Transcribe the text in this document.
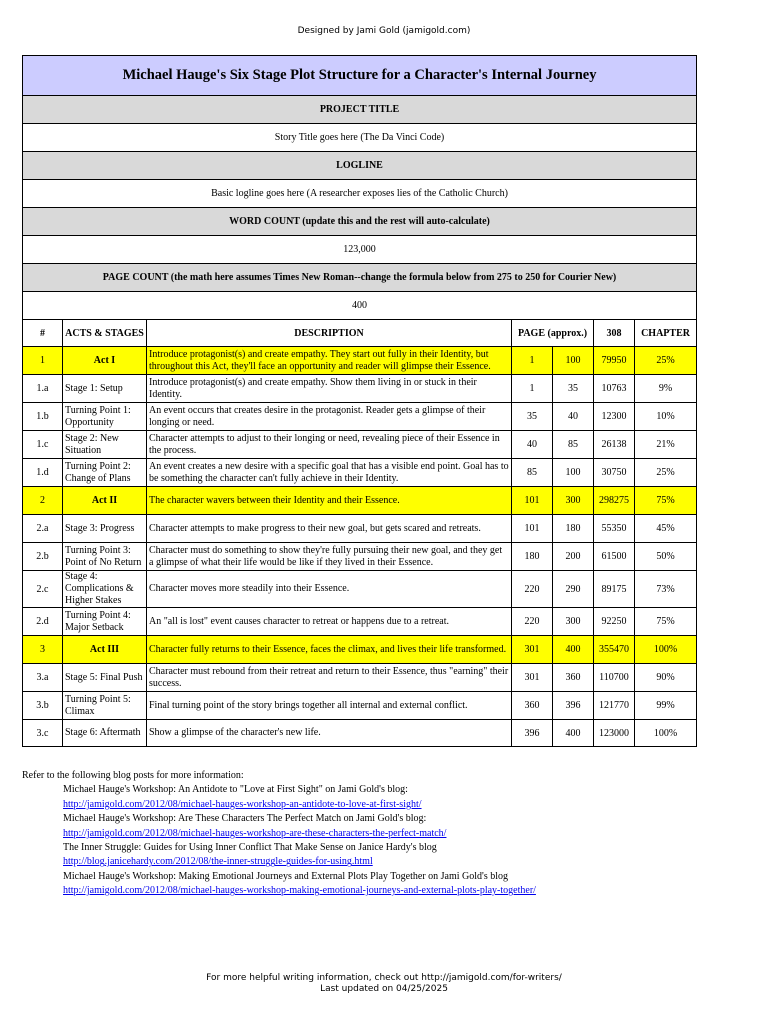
Designed by Jami Gold (jamigold.com)
Michael Hauge's Six Stage Plot Structure for a Character's Internal Journey						
PROJECT TITLE						
Story Title goes here (The Da Vinci Code)						
LOGLINE						
Basic logline goes here (A researcher exposes lies of the Catholic Church)						
WORD COUNT (update this and the rest will auto-calculate)						
123,000						
PAGE COUNT (the math here assumes Times New Roman--change the formula below from 275 to 250 for Courier New)						
400						
#	ACTS & STAGES	DESCRIPTION	PAGE (approx.)		308	CHAPTER
1	Act I	Introduce protagonist(s) and create empathy. They start out fully in their Identity, but throughout this Act, they'll face an opportunity and reader will glimpse their Essence.	1	100	79950	25%
1.a	Stage 1: Setup	Introduce protagonist(s) and create empathy. Show them living in or stuck in their Identity.	1	35	10763	9%
1.b	Turning Point 1: Opportunity	An event occurs that creates desire in the protagonist. Reader gets a glimpse of their longing or need.	35	40	12300	10%
1.c	Stage 2: New Situation	Character attempts to adjust to their longing or need, revealing piece of their Essence in the process.	40	85	26138	21%
1.d	Turning Point 2: Change of Plans	An event creates a new desire with a specific goal that has a visible end point. Goal has to be something the character can't fully achieve in their Identity.	85	100	30750	25%
2	Act II	The character wavers between their Identity and their Essence.	101	300	298275	75%
2.a	Stage 3: Progress	Character attempts to make progress to their new goal, but gets scared and retreats.	101	180	55350	45%
2.b	Turning Point 3: Point of No Return	Character must do something to show they're fully pursuing their new goal, and they get a glimpse of what their life would be like if they lived in their Essence.	180	200	61500	50%
2.c	Stage 4: Complications & Higher Stakes	Character moves more steadily into their Essence.	220	290	89175	73%
2.d	Turning Point 4: Major Setback	An "all is lost" event causes character to retreat or happens due to a retreat.	220	300	92250	75%
3	Act III	Character fully returns to their Essence, faces the climax, and lives their life transformed.	301	400	355470	100%
3.a	Stage 5: Final Push	Character must rebound from their retreat and return to their Essence, thus "earning" their success.	301	360	110700	90%
3.b	Turning Point 5: Climax	Final turning point of the story brings together all internal and external conflict.	360	396	121770	99%
3.c	Stage 6: Aftermath	Show a glimpse of the character's new life.	396	400	123000	100%
Refer to the following blog posts for more information:
Michael Hauge's Workshop: An Antidote to "Love at First Sight" on Jami Gold's blog:
http://jamigold.com/2012/08/michael-hauges-workshop-an-antidote-to-love-at-first-sight/
Michael Hauge's Workshop: Are These Characters The Perfect Match on Jami Gold's blog:
http://jamigold.com/2012/08/michael-hauges-workshop-are-these-characters-the-perfect-match/
The Inner Struggle: Guides for Using Inner Conflict That Make Sense on Janice Hardy's blog
http://blog.janicehardy.com/2012/08/the-inner-struggle-guides-for-using.html
Michael Hauge's Workshop: Making Emotional Journeys and External Plots Play Together on Jami Gold's blog
http://jamigold.com/2012/08/michael-hauges-workshop-making-emotional-journeys-and-external-plots-play-together/
For more helpful writing information, check out http://jamigold.com/for-writers/
Last updated on 04/25/2025
